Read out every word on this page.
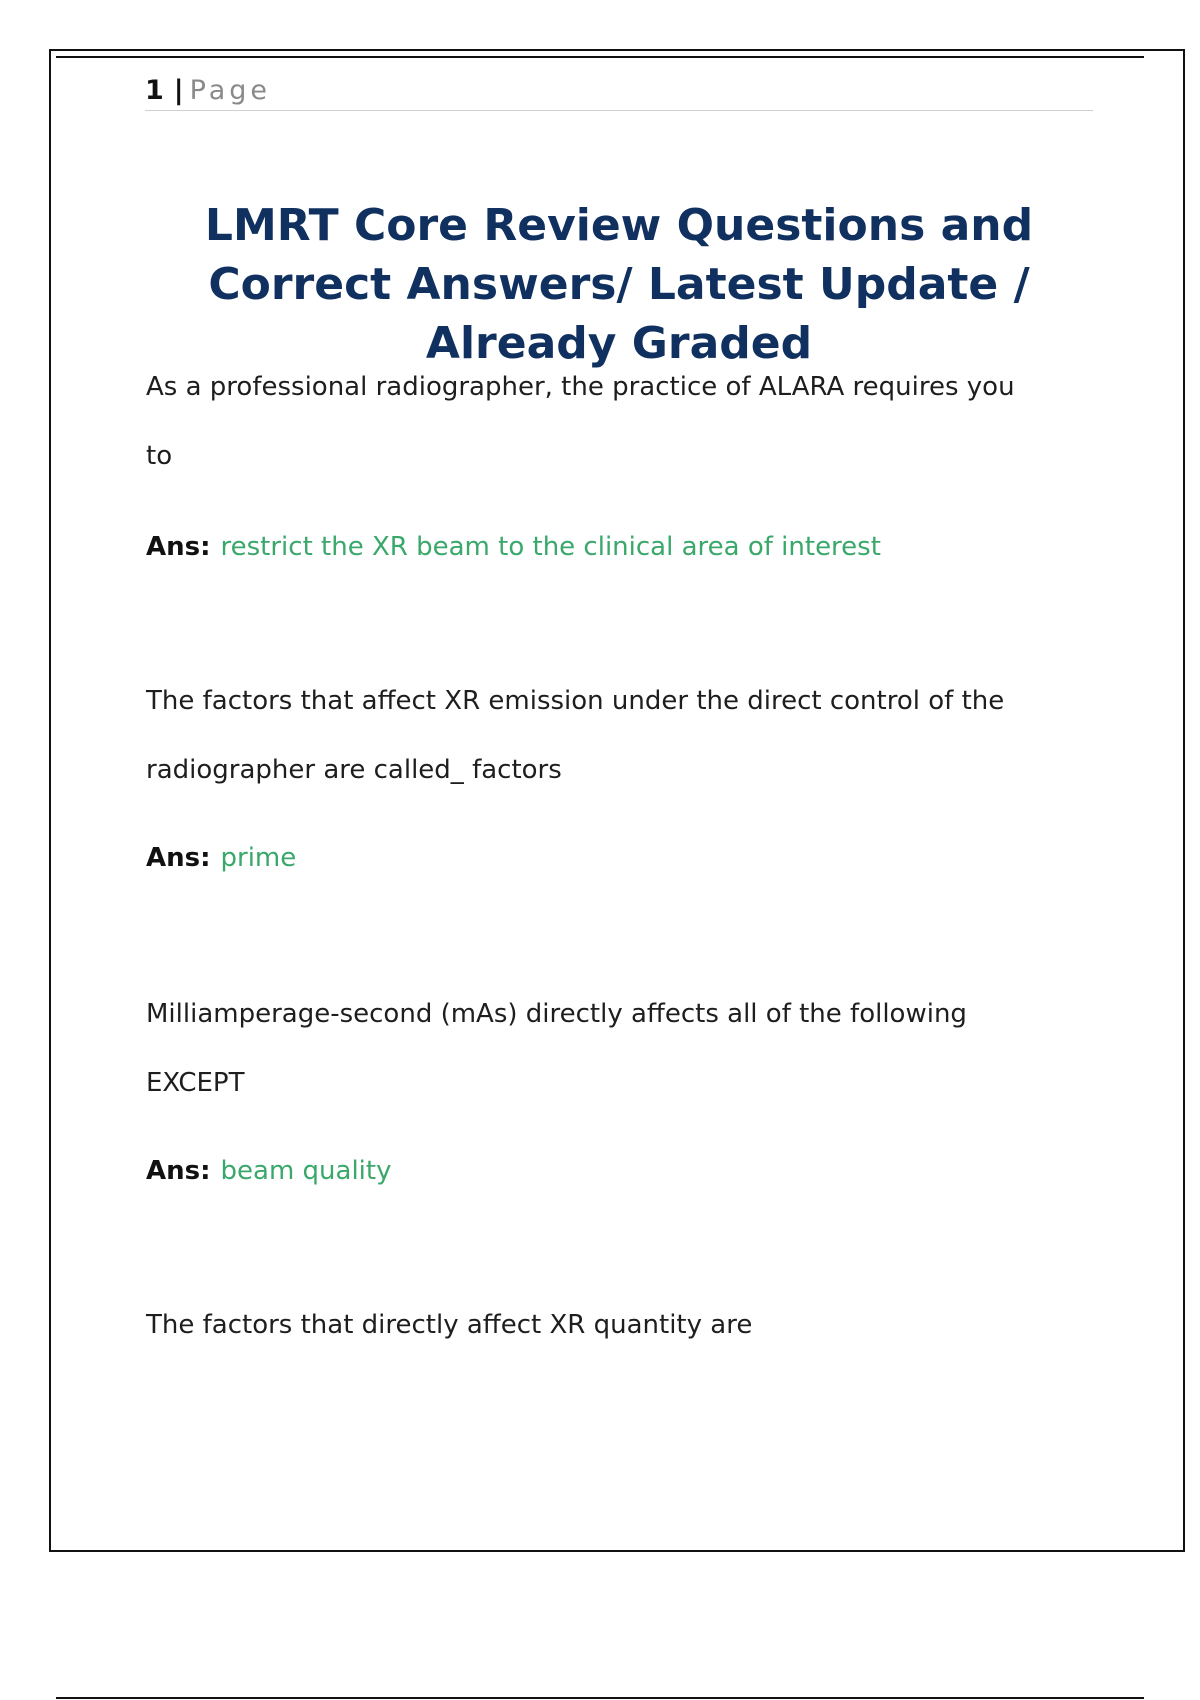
1 | Page
LMRT Core Review Questions and Correct Answers/ Latest Update / Already Graded

As a professional radiographer, the practice of ALARA requires you

to

Ans: restrict the XR beam to the clinical area of interest

The factors that affect XR emission under the direct control of the

radiographer are called_ factors

Ans: prime

Milliamperage-second (mAs) directly affects all of the following

EXCEPT

Ans: beam quality

The factors that directly affect XR quantity are
